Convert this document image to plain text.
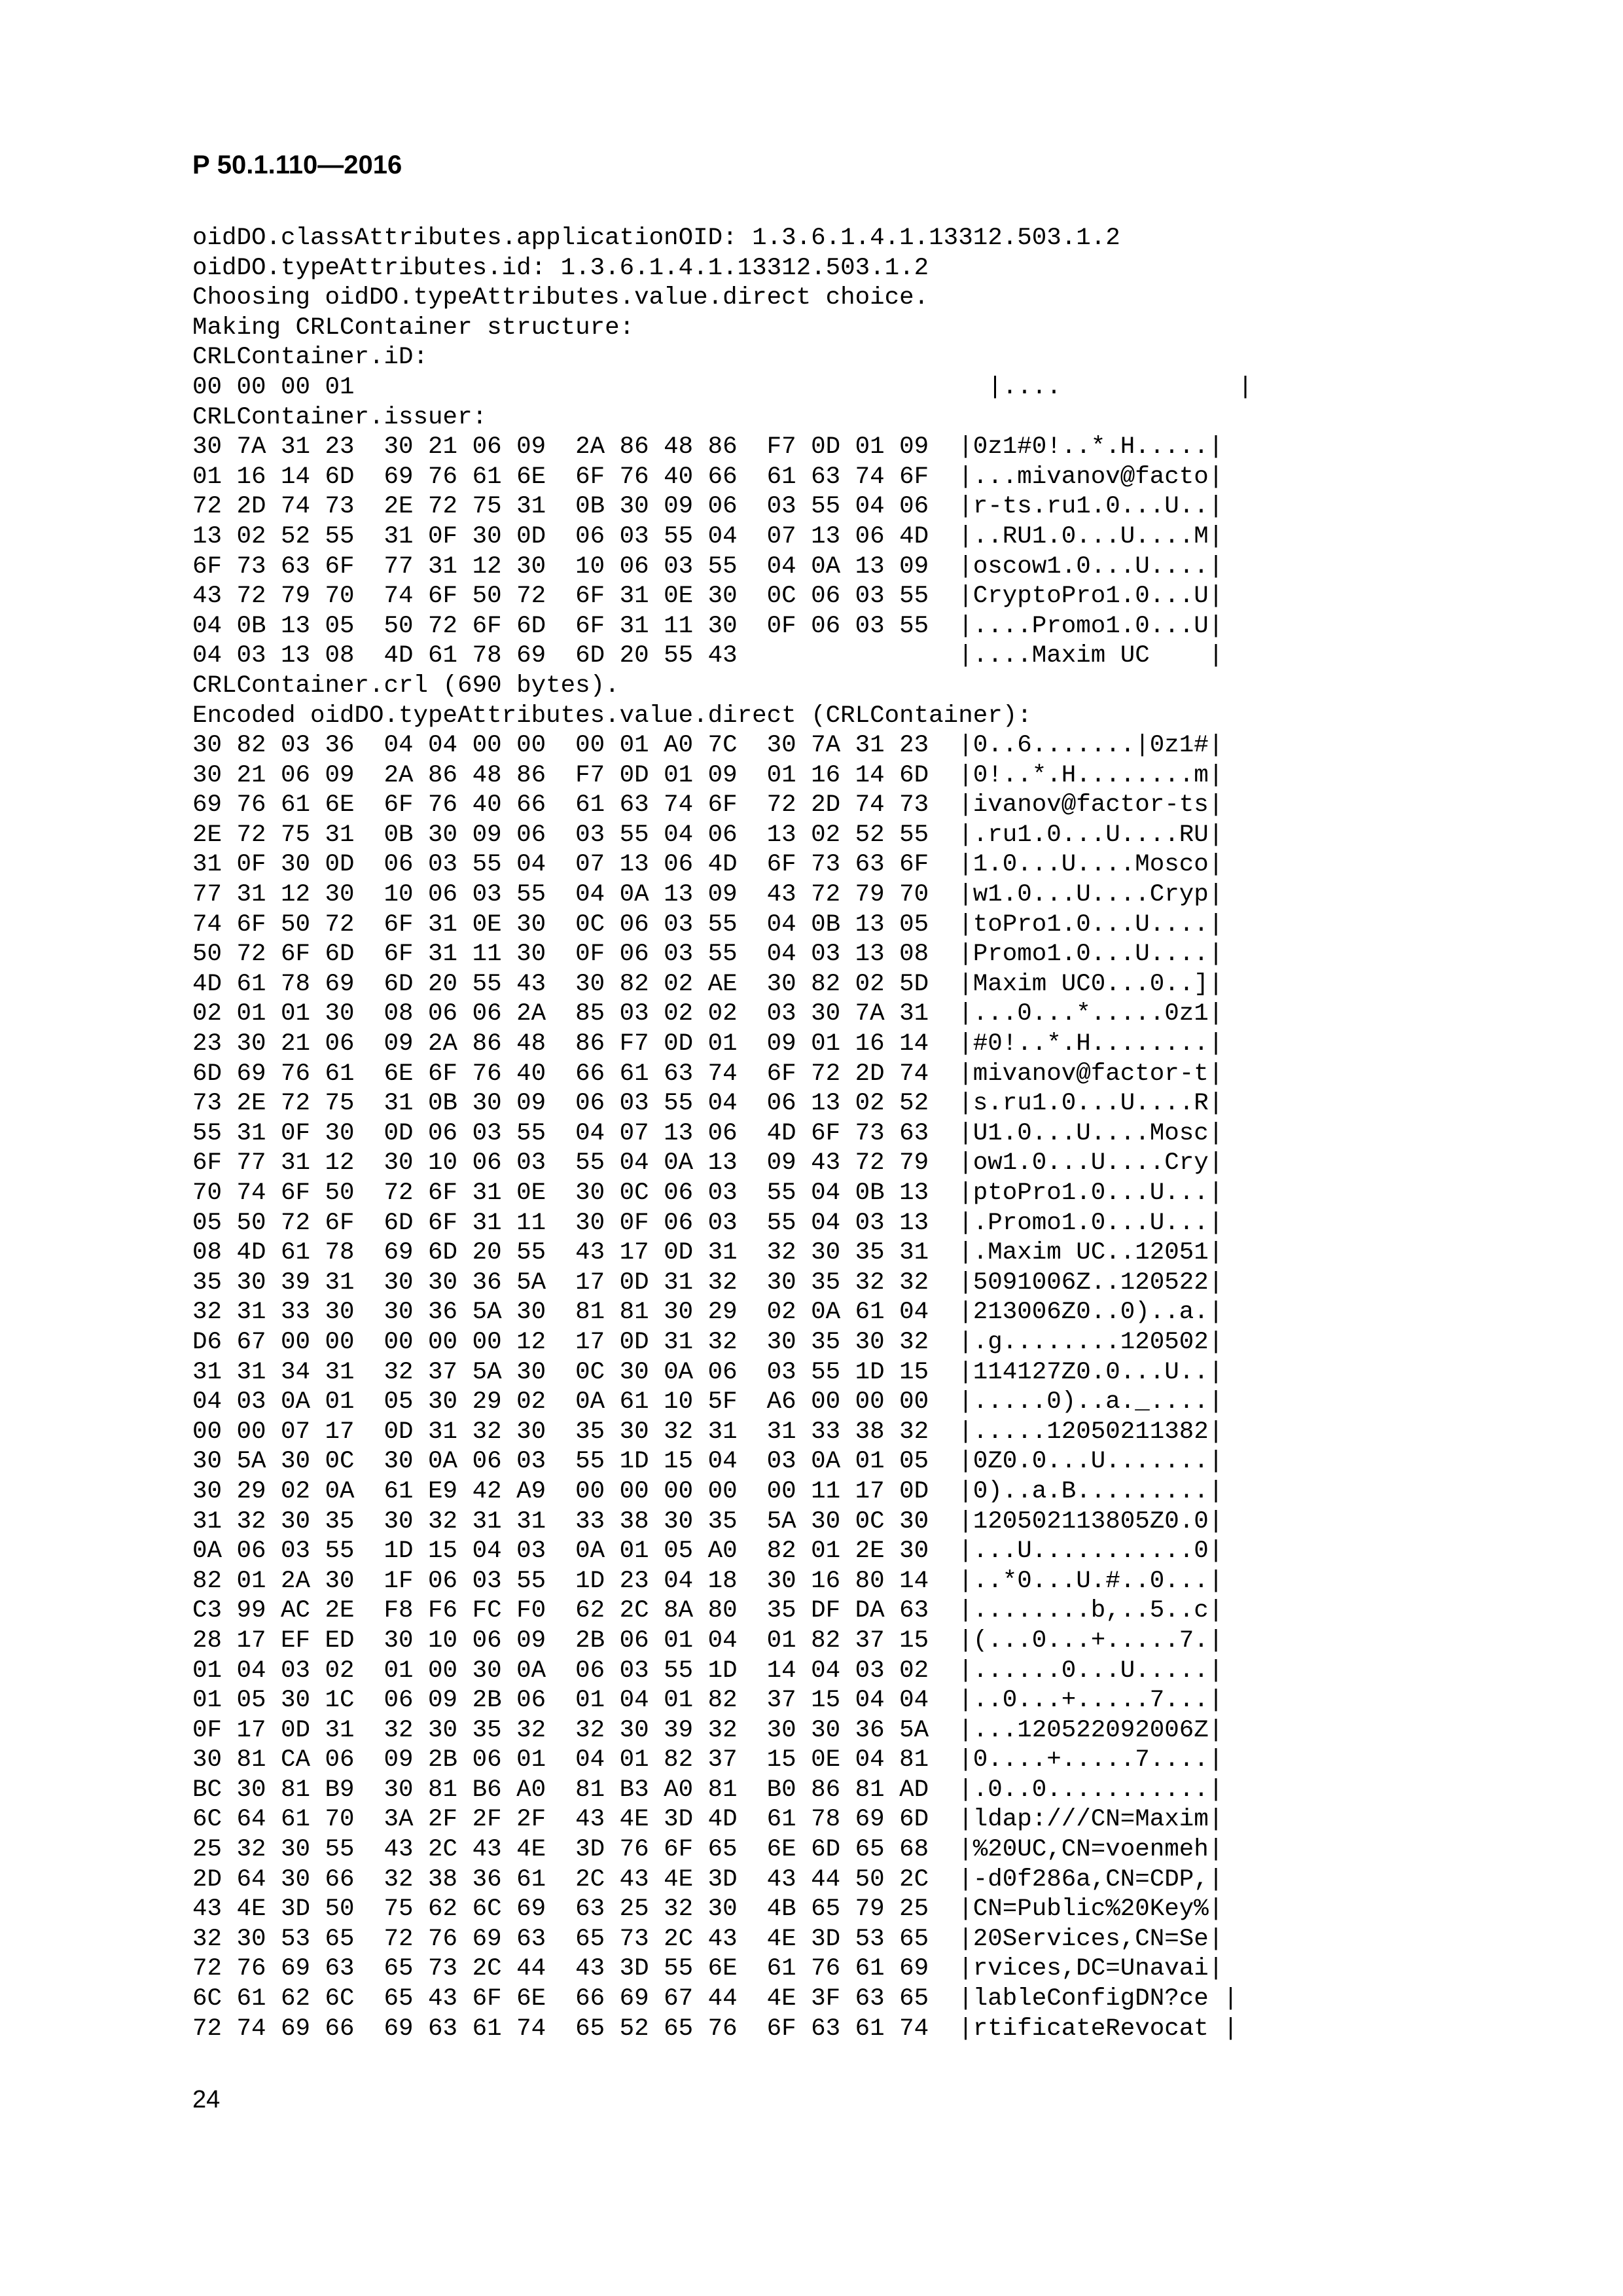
Р 50.1.110—2016
oidDO.classAttributes.applicationOID: 1.3.6.1.4.1.13312.503.1.2
oidDO.typeAttributes.id: 1.3.6.1.4.1.13312.503.1.2
Choosing oidDO.typeAttributes.value.direct choice.
Making CRLContainer structure:
CRLContainer.iD:
00 00 00 01                                           |....            |
CRLContainer.issuer:
30 7A 31 23  30 21 06 09  2A 86 48 86  F7 0D 01 09  |0z1#0!..*.H.....|
01 16 14 6D  69 76 61 6E  6F 76 40 66  61 63 74 6F  |...mivanov@facto|
72 2D 74 73  2E 72 75 31  0B 30 09 06  03 55 04 06  |r-ts.ru1.0...U..|
13 02 52 55  31 0F 30 0D  06 03 55 04  07 13 06 4D  |..RU1.0...U....M|
6F 73 63 6F  77 31 12 30  10 06 03 55  04 0A 13 09  |oscow1.0...U....|
43 72 79 70  74 6F 50 72  6F 31 0E 30  0C 06 03 55  |CryptoPro1.0...U|
04 0B 13 05  50 72 6F 6D  6F 31 11 30  0F 06 03 55  |....Promo1.0...U|
04 03 13 08  4D 61 78 69  6D 20 55 43               |....Maxim UC    |
CRLContainer.crl (690 bytes).
Encoded oidDO.typeAttributes.value.direct (CRLContainer):
30 82 03 36  04 04 00 00  00 01 A0 7C  30 7A 31 23  |0..6.......|0z1#|
30 21 06 09  2A 86 48 86  F7 0D 01 09  01 16 14 6D  |0!..*.H........m|
69 76 61 6E  6F 76 40 66  61 63 74 6F  72 2D 74 73  |ivanov@factor-ts|
2E 72 75 31  0B 30 09 06  03 55 04 06  13 02 52 55  |.ru1.0...U....RU|
31 0F 30 0D  06 03 55 04  07 13 06 4D  6F 73 63 6F  |1.0...U....Mosco|
77 31 12 30  10 06 03 55  04 0A 13 09  43 72 79 70  |w1.0...U....Cryp|
74 6F 50 72  6F 31 0E 30  0C 06 03 55  04 0B 13 05  |toPro1.0...U....|
50 72 6F 6D  6F 31 11 30  0F 06 03 55  04 03 13 08  |Promo1.0...U....|
4D 61 78 69  6D 20 55 43  30 82 02 AE  30 82 02 5D  |Maxim UC0...0..]|
02 01 01 30  08 06 06 2A  85 03 02 02  03 30 7A 31  |...0...*.....0z1|
23 30 21 06  09 2A 86 48  86 F7 0D 01  09 01 16 14  |#0!..*.H........|
6D 69 76 61  6E 6F 76 40  66 61 63 74  6F 72 2D 74  |mivanov@factor-t|
73 2E 72 75  31 0B 30 09  06 03 55 04  06 13 02 52  |s.ru1.0...U....R|
55 31 0F 30  0D 06 03 55  04 07 13 06  4D 6F 73 63  |U1.0...U....Mosc|
6F 77 31 12  30 10 06 03  55 04 0A 13  09 43 72 79  |ow1.0...U....Cry|
70 74 6F 50  72 6F 31 0E  30 0C 06 03  55 04 0B 13  |ptoPro1.0...U...|
05 50 72 6F  6D 6F 31 11  30 0F 06 03  55 04 03 13  |.Promo1.0...U...|
08 4D 61 78  69 6D 20 55  43 17 0D 31  32 30 35 31  |.Maxim UC..12051|
35 30 39 31  30 30 36 5A  17 0D 31 32  30 35 32 32  |5091006Z..120522|
32 31 33 30  30 36 5A 30  81 81 30 29  02 0A 61 04  |213006Z0..0)..a.|
D6 67 00 00  00 00 00 12  17 0D 31 32  30 35 30 32  |.g........120502|
31 31 34 31  32 37 5A 30  0C 30 0A 06  03 55 1D 15  |114127Z0.0...U..|
04 03 0A 01  05 30 29 02  0A 61 10 5F  A6 00 00 00  |.....0)..a._....|
00 00 07 17  0D 31 32 30  35 30 32 31  31 33 38 32  |.....12050211382|
30 5A 30 0C  30 0A 06 03  55 1D 15 04  03 0A 01 05  |0Z0.0...U.......|
30 29 02 0A  61 E9 42 A9  00 00 00 00  00 11 17 0D  |0)..a.B.........|
31 32 30 35  30 32 31 31  33 38 30 35  5A 30 0C 30  |120502113805Z0.0|
0A 06 03 55  1D 15 04 03  0A 01 05 A0  82 01 2E 30  |...U...........0|
82 01 2A 30  1F 06 03 55  1D 23 04 18  30 16 80 14  |..*0...U.#..0...|
C3 99 AC 2E  F8 F6 FC F0  62 2C 8A 80  35 DF DA 63  |........b,..5..c|
28 17 EF ED  30 10 06 09  2B 06 01 04  01 82 37 15  |(...0...+.....7.|
01 04 03 02  01 00 30 0A  06 03 55 1D  14 04 03 02  |......0...U.....|
01 05 30 1C  06 09 2B 06  01 04 01 82  37 15 04 04  |..0...+.....7...|
0F 17 0D 31  32 30 35 32  32 30 39 32  30 30 36 5A  |...120522092006Z|
30 81 CA 06  09 2B 06 01  04 01 82 37  15 0E 04 81  |0....+.....7....|
BC 30 81 B9  30 81 B6 A0  81 B3 A0 81  B0 86 81 AD  |.0..0...........|
6C 64 61 70  3A 2F 2F 2F  43 4E 3D 4D  61 78 69 6D  |ldap:///CN=Maxim|
25 32 30 55  43 2C 43 4E  3D 76 6F 65  6E 6D 65 68  |%20UC,CN=voenmeh|
2D 64 30 66  32 38 36 61  2C 43 4E 3D  43 44 50 2C  |-d0f286a,CN=CDP,|
43 4E 3D 50  75 62 6C 69  63 25 32 30  4B 65 79 25  |CN=Public%20Key%|
32 30 53 65  72 76 69 63  65 73 2C 43  4E 3D 53 65  |20Services,CN=Se|
72 76 69 63  65 73 2C 44  43 3D 55 6E  61 76 61 69  |rvices,DC=Unavai|
6C 61 62 6C  65 43 6F 6E  66 69 67 44  4E 3F 63 65  |lableConfigDN?ce |
72 74 69 66  69 63 61 74  65 52 65 76  6F 63 61 74  |rtificateRevocat |
24
